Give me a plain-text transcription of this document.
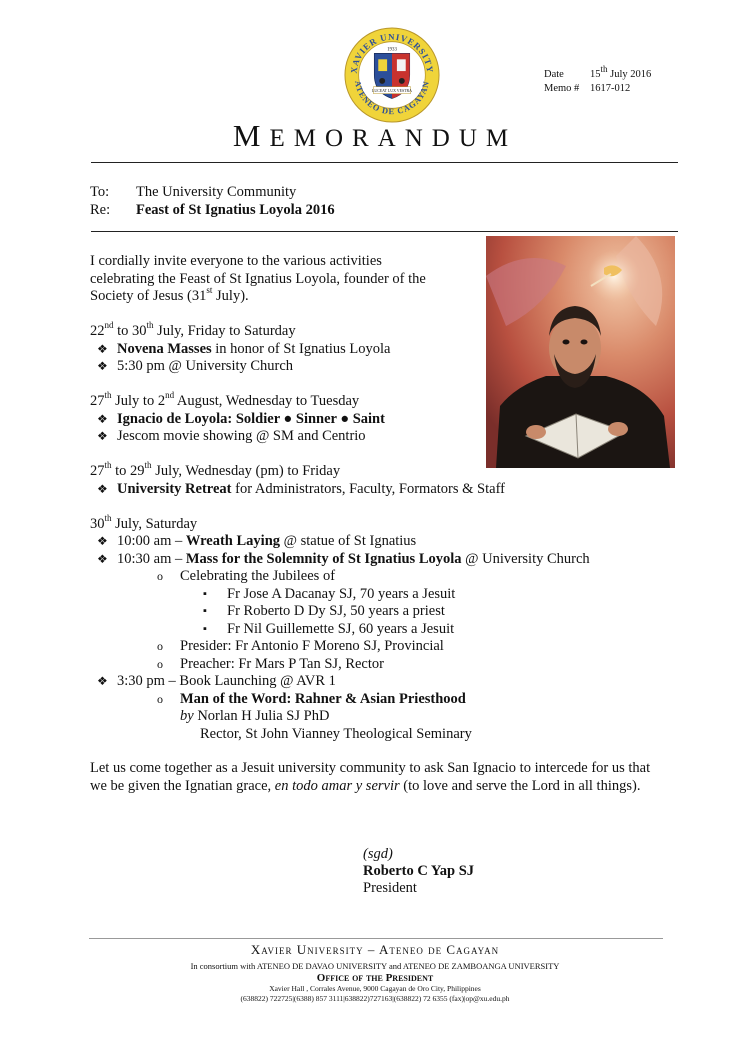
XAVIER UNIVERSITY
ATENEO DE CAGAYAN
1933
LUCEAT LUX VESTRA
Date 15th July 2016
Memo # 1617-012
MEMORANDUM
To: The University Community
Re: Feast of St Ignatius Loyola 2016

I cordially invite everyone to the various activities

celebrating the Feast of St Ignatius Loyola, founder of the

Society of Jesus (31st July).

22nd to 30th July, Friday to Saturday

❖ Novena Masses in honor of St Ignatius Loyola

❖ 5:30 pm @ University Church

27th July to 2nd August, Wednesday to Tuesday

❖ Ignacio de Loyola: Soldier ● Sinner ● Saint

❖ Jescom movie showing @ SM and Centrio

27th to 29th July, Wednesday (pm) to Friday

❖ University Retreat for Administrators, Faculty, Formators & Staff

30th July, Saturday

❖ 10:00 am – Wreath Laying @ statue of St Ignatius

❖ 10:30 am – Mass for the Solemnity of St Ignatius Loyola @ University Church

o Celebrating the Jubilees of

▪ Fr Jose A Dacanay SJ, 70 years a Jesuit

▪ Fr Roberto D Dy SJ, 50 years a priest

▪ Fr Nil Guillemette SJ, 60 years a Jesuit

o Presider: Fr Antonio F Moreno SJ, Provincial

o Preacher: Fr Mars P Tan SJ, Rector

❖ 3:30 pm – Book Launching @ AVR 1

o Man of the Word: Rahner & Asian Priesthood

by Norlan H Julia SJ PhD

Rector, St John Vianney Theological Seminary

Let us come together as a Jesuit university community to ask San Ignacio to intercede for us that
we be given the Ignatian grace, en todo amar y servir (to love and serve the Lord in all things).
(sgd)
Roberto C Yap SJ
President
Xavier University – Ateneo de Cagayan
In consortium with ATENEO DE DAVAO UNIVERSITY and ATENEO DE ZAMBOANGA UNIVERSITY
Office of the President
Xavier Hall , Corrales Avenue, 9000 Cagayan de Oro City, Philippines
(638822) 722725|(6388) 857 3111|638822)727163|(638822) 72 6355 (fax)|op@xu.edu.ph
